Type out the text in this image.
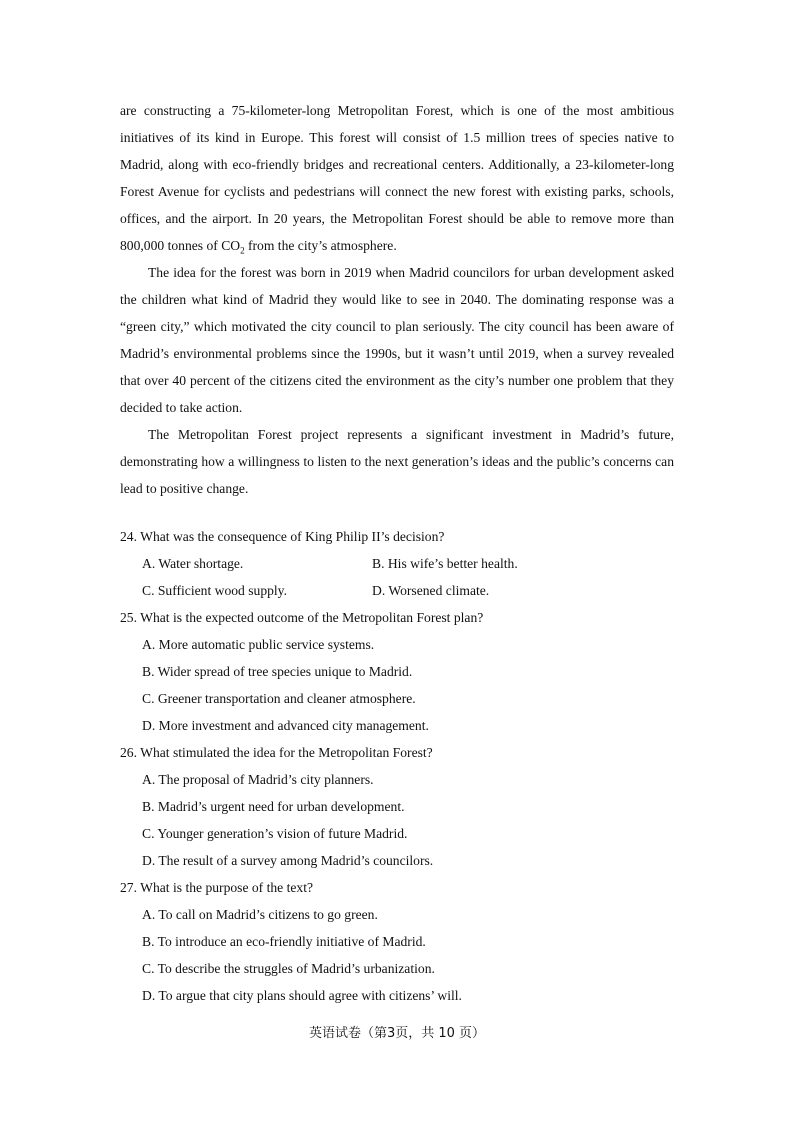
are constructing a 75-kilometer-long Metropolitan Forest, which is one of the most ambitious initiatives of its kind in Europe. This forest will consist of 1.5 million trees of species native to Madrid, along with eco-friendly bridges and recreational centers. Additionally, a 23-kilometer-long Forest Avenue for cyclists and pedestrians will connect the new forest with existing parks, schools, offices, and the airport. In 20 years, the Metropolitan Forest should be able to remove more than 800,000 tonnes of $CO_2$ from the city’s atmosphere.

The idea for the forest was born in 2019 when Madrid councilors for urban development asked the children what kind of Madrid they would like to see in 2040. The dominating response was a “green city,” which motivated the city council to plan seriously. The city council has been aware of Madrid’s environmental problems since the 1990s, but it wasn’t until 2019, when a survey revealed that over 40 percent of the citizens cited the environment as the city’s number one problem that they decided to take action.

The Metropolitan Forest project represents a significant investment in Madrid’s future, demonstrating how a willingness to listen to the next generation’s ideas and the public’s concerns can lead to positive change.

24. What was the consequence of King Philip II’s decision?

A. Water shortage.	B. His wife’s better health.
C. Sufficient wood supply.	D. Worsened climate.

25. What is the expected outcome of the Metropolitan Forest plan?

A. More automatic public service systems.
B. Wider spread of tree species unique to Madrid.
C. Greener transportation and cleaner atmosphere.
D. More investment and advanced city management.

26. What stimulated the idea for the Metropolitan Forest?

A. The proposal of Madrid’s city planners.
B. Madrid’s urgent need for urban development.
C. Younger generation’s vision of future Madrid.
D. The result of a survey among Madrid’s councilors.

27. What is the purpose of the text?

A. To call on Madrid’s citizens to go green.
B. To introduce an eco-friendly initiative of Madrid.
C. To describe the struggles of Madrid’s urbanization.
D. To argue that city plans should agree with citizens’ will.
英语试卷（第3页，共 10 页）
